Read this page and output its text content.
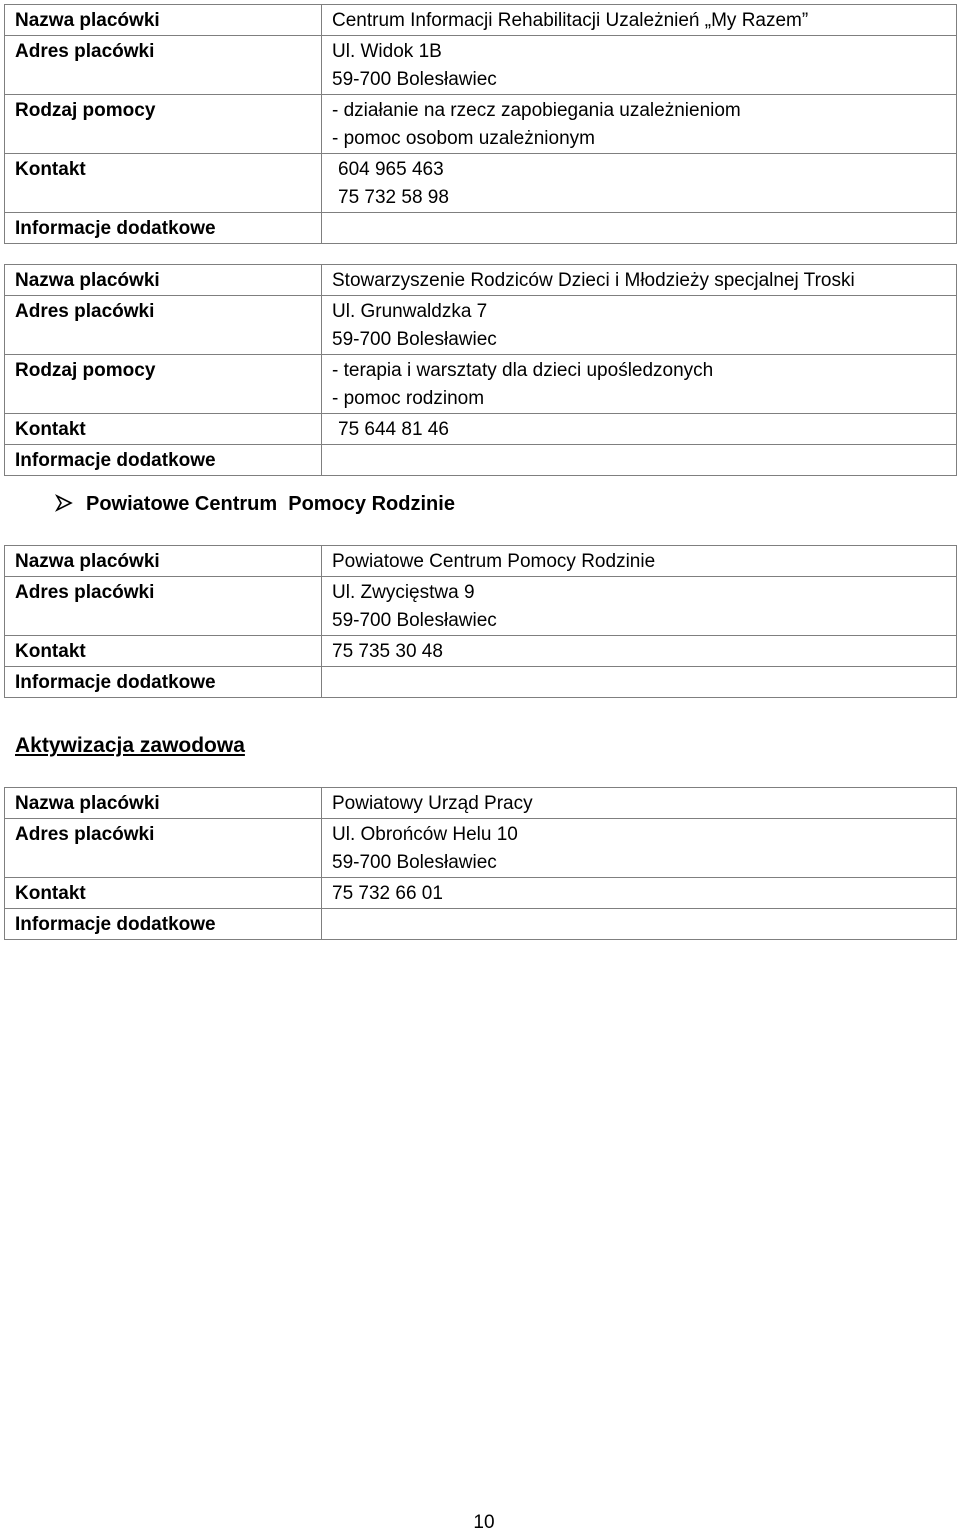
Nazwa placówki	Centrum Informacji Rehabilitacji Uzależnień „My Razem”
Adres placówki	Ul. Widok 1B
59-700 Bolesławiec

Rodzaj pomocy	- działanie na rzecz zapobiegania uzależnieniom
- pomoc osobom uzależnionym

Kontakt	604 965 463
75 732 58 98

Informacje dodatkowe	
Nazwa placówki	Stowarzyszenie Rodziców Dzieci i Młodzieży specjalnej Troski
Adres placówki	Ul. Grunwaldzka 7
59-700 Bolesławiec

Rodzaj pomocy	- terapia i warsztaty dla dzieci upośledzonych
- pomoc rodzinom

Kontakt	75 644 81 46

Informacje dodatkowe	
Powiatowe Centrum  Pomocy Rodzinie
Nazwa placówki	Powiatowe Centrum Pomocy Rodzinie
Adres placówki	Ul. Zwycięstwa 9
59-700 Bolesławiec

Kontakt	75 735 30 48

Informacje dodatkowe	
Aktywizacja zawodowa
Nazwa placówki	Powiatowy Urząd Pracy
Adres placówki	Ul. Obrońców Helu 10
59-700 Bolesławiec

Kontakt	75 732 66 01

Informacje dodatkowe	
10
